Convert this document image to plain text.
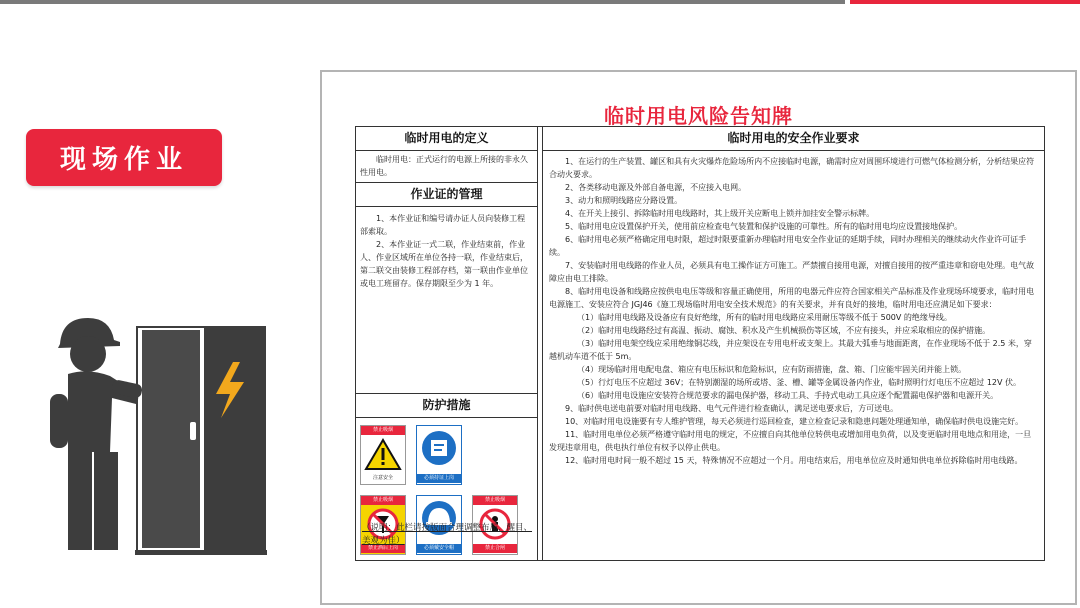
现场作业
临时用电风险告知牌
临时用电的定义

临时用电：正式运行的电源上所接的非永久性用电。

作业证的管理

1、本作业证和编号请办证人员向装修工程部索取。

2、本作业证一式二联，作业结束前，作业人、作业区域所在单位各持一联，作业结束后，第二联交由装修工程部存档，第一联由作业单位或电工班留存。保存期限至少为 1 年。

防护措施
禁止吸烟
注意安全	必须持证上岗
禁止吸烟
禁止酒后上岗	必须戴安全帽
禁止吸烟
禁止合闸
（说明：此栏请按版面合理调整布局，醒目、美观为佳）
临时用电的安全作业要求

1、在运行的生产装置、罐区和具有火灾爆炸危险场所内不应接临时电源，确需时应对周围环境进行可燃气体检测分析，分析结果应符合动火要求。

2、各类移动电源及外部自备电源，不应接入电网。

3、动力和照明线路应分路设置。

4、在开关上接引、拆除临时用电线路时，其上级开关应断电上锁并加挂安全警示标牌。

5、临时用电应设置保护开关，使用前应检查电气装置和保护设施的可靠性。所有的临时用电均应设置接地保护。

6、临时用电必须严格确定用电时限，超过时限要重新办理临时用电安全作业证的延期手续，同时办理相关的继续动火作业许可证手续。

7、安装临时用电线路的作业人员，必须具有电工操作证方可施工。严禁擅自接用电源，对擅自接用的按严重违章和窃电处理。电气故障应由电工排除。

8、临时用电设备和线路应按供电电压等级和容量正确使用，所用的电器元件应符合国家相关产品标准及作业现场环境要求，临时用电电源施工、安装应符合 JGJ46《施工现场临时用电安全技术规范》的有关要求，并有良好的接地，临时用电还应满足如下要求：

（1）临时用电线路及设备应有良好绝缘，所有的临时用电线路应采用耐压等级不低于 500V 的绝缘导线。

（2）临时用电线路经过有高温、振动、腐蚀、积水及产生机械损伤等区域，不应有接头，并应采取相应的保护措施。

（3）临时用电架空线应采用绝缘铜芯线，并应架设在专用电杆或支架上。其最大弧垂与地面距离，在作业现场不低于 2.5 米，穿越机动车道不低于 5m。

（4）现场临时用电配电盘、箱应有电压标识和危险标识，应有防雨措施，盘、箱、门应能牢固关闭并能上锁。

（5）行灯电压不应超过 36V；在特别潮湿的场所或塔、釜、槽、罐等金属设备内作业，临时照明行灯电压不应超过 12V 伏。

（6）临时用电设施应安装符合规范要求的漏电保护器，移动工具、手持式电动工具应逐个配置漏电保护器和电源开关。

9、临时供电送电前要对临时用电线路、电气元件进行检查确认，满足送电要求后，方可送电。

10、对临时用电设施要有专人维护管理，每天必须进行巡回检查，建立检查记录和隐患问题处理通知单，确保临时供电设施完好。

11、临时用电单位必须严格遵守临时用电的规定，不应擅自向其他单位转供电或增加用电负荷，以及变更临时用电地点和用途，一旦发现违章用电，供电执行单位有权予以停止供电。

12、临时用电时间一般不超过 15 天，特殊情况不应超过一个月。用电结束后，用电单位应及时通知供电单位拆除临时用电线路。
